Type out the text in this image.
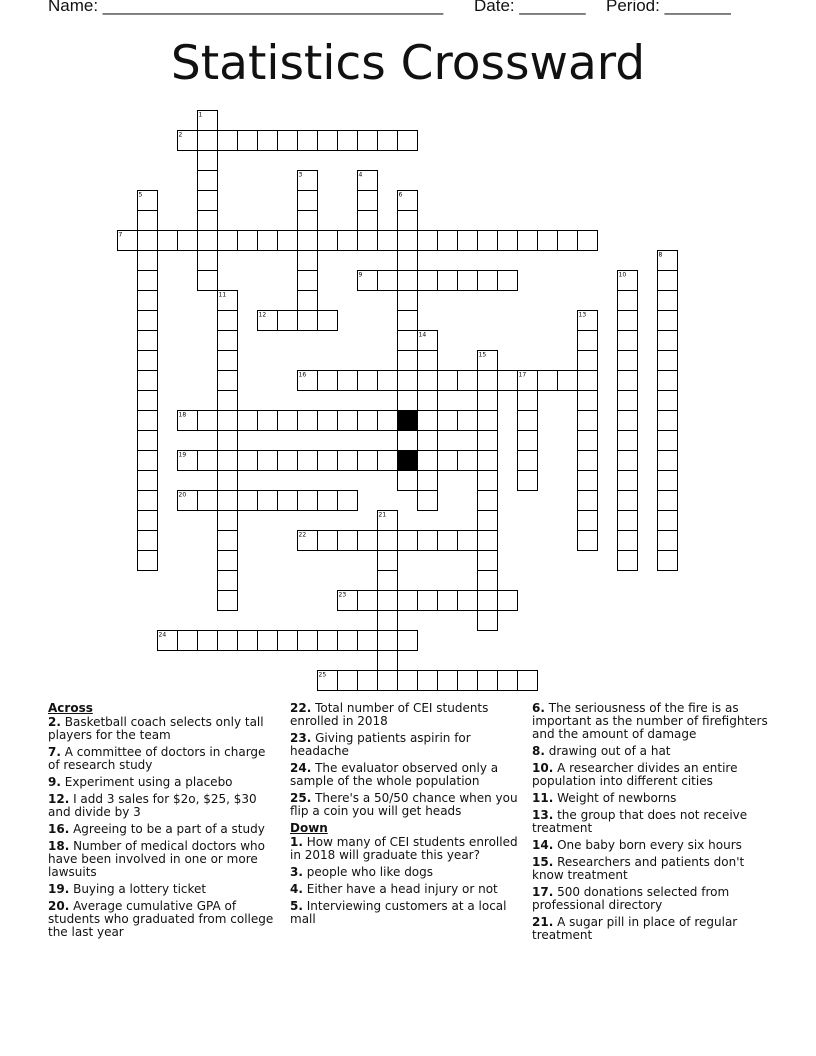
Name: ____________________________________ Date: _______ Period: _______
Statistics Crossward
1
2
3	4
5	6
7
8
9	10
11
12	13
14
15
16	17
18
19
20
21
22
23
24
25
Across
2. Basketball coach selects only tall players for the team
7. A committee of doctors in charge of research study
9. Experiment using a placebo
12. I add 3 sales for $2o, $25, $30 and divide by 3
16. Agreeing to be a part of a study
18. Number of medical doctors who have been involved in one or more lawsuits
19. Buying a lottery ticket
20. Average cumulative GPA of students who graduated from college the last year
22. Total number of CEI students enrolled in 2018
23. Giving patients aspirin for headache
24. The evaluator observed only a sample of the whole population
25. There's a 50/50 chance when you flip a coin you will get heads
Down
1. How many of CEI students enrolled in 2018 will graduate this year?
3. people who like dogs
4. Either have a head injury or not
5. Interviewing customers at a local mall
6. The seriousness of the fire is as important as the number of firefighters and the amount of damage
8. drawing out of a hat
10. A researcher divides an entire population into different cities
11. Weight of newborns
13. the group that does not receive treatment
14. One baby born every six hours
15. Researchers and patients don't know treatment
17. 500 donations selected from professional directory
21. A sugar pill in place of regular treatment
